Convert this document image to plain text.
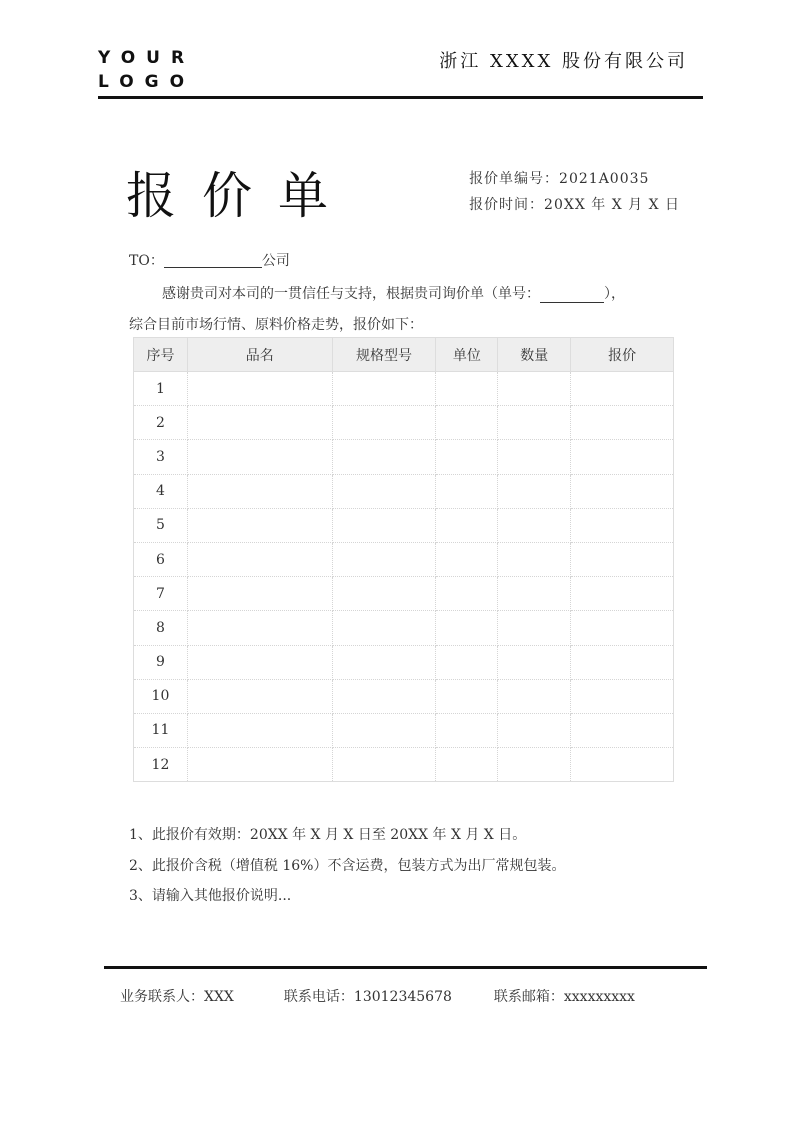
YOUR
LOGO
浙江 XXXX 股份有限公司
报价单	报价单编号：2021A0035
报价时间：20XX 年 X 月 X 日
TO：	公司
感谢贵司对本司的一贯信任与支持，根据贵司询价单（单号：	），
综合目前市场行情、原料价格走势，报价如下：
序号	品名	规格型号	单位	数量	报价
1					
2					
3					
4					
5					
6					
7					
8					
9					
10					
11					
12					
1、此报价有效期：20XX 年 X 月 X 日至 20XX 年 X 月 X 日。
2、此报价含税（增值税 16%）不含运费，包装方式为出厂常规包装。
3、请输入其他报价说明...
业务联系人：XXX	联系电话：13012345678	联系邮箱：xxxxxxxxx
